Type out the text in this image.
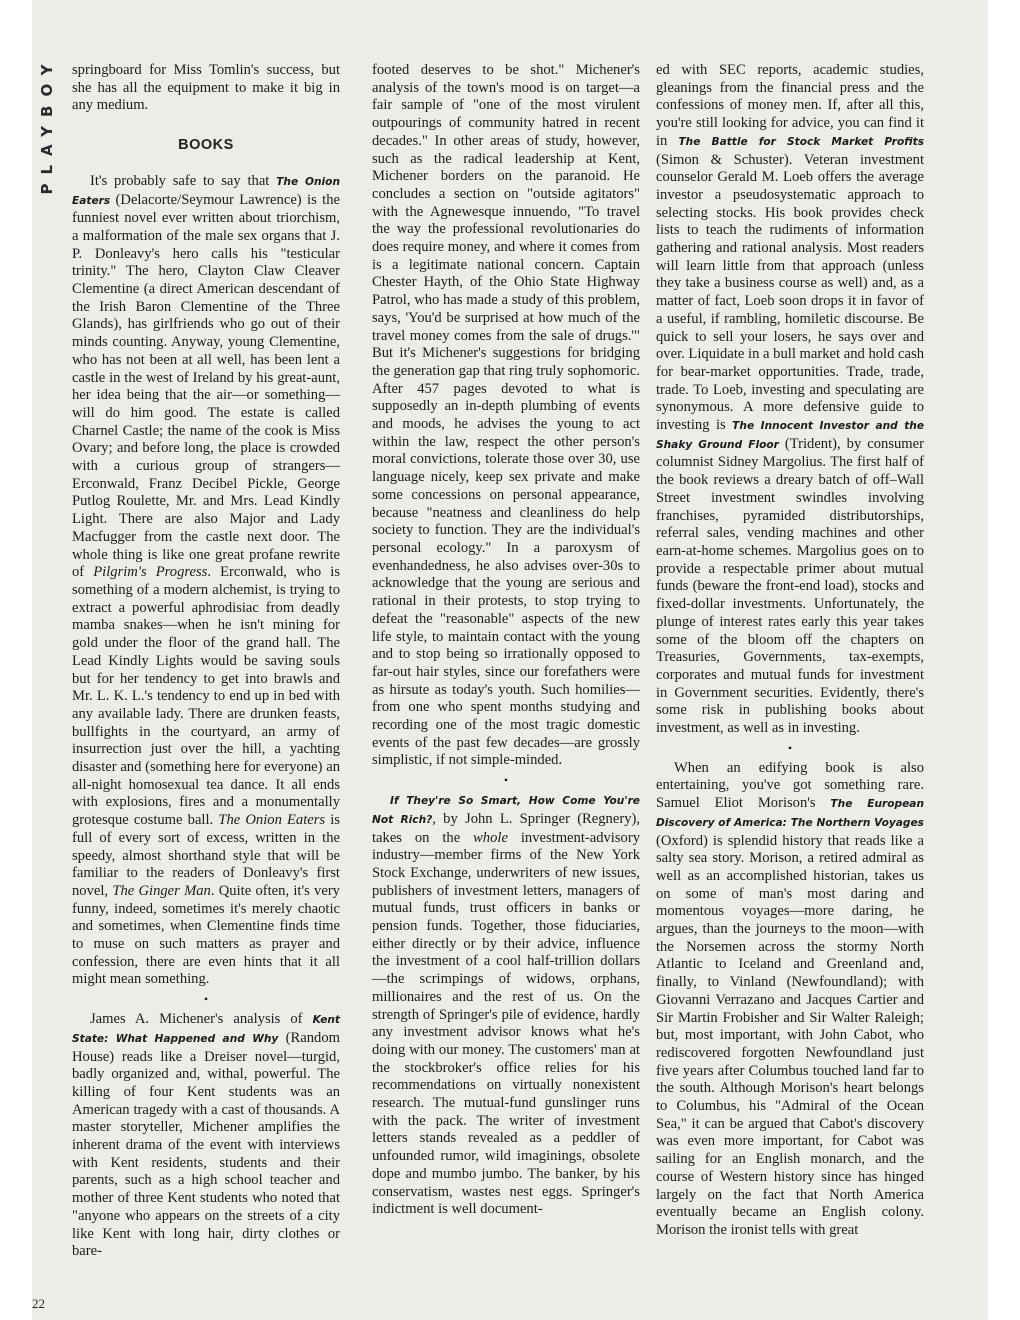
PLAYBOY
22

springboard for Miss Tomlin's success, but she has all the equipment to make it big in any medium.

BOOKS

It's probably safe to say that The Onion Eaters (Delacorte/Seymour Lawrence) is the funniest novel ever written about triorchism, a malformation of the male sex organs that J. P. Donleavy's hero calls his "testicular trinity." The hero, Clayton Claw Cleaver Clementine (a direct American descendant of the Irish Baron Clementine of the Three Glands), has girlfriends who go out of their minds counting. Anyway, young Clementine, who has not been at all well, has been lent a castle in the west of Ireland by his great-aunt, her idea being that the air—or something—will do him good. The estate is called Charnel Castle; the name of the cook is Miss Ovary; and before long, the place is crowded with a curious group of strangers—Erconwald, Franz Decibel Pickle, George Putlog Roulette, Mr. and Mrs. Lead Kindly Light. There are also Major and Lady Macfugger from the castle next door. The whole thing is like one great profane rewrite of Pilgrim's Progress. Erconwald, who is something of a modern alchemist, is trying to extract a powerful aphrodisiac from deadly mamba snakes—when he isn't mining for gold under the floor of the grand hall. The Lead Kindly Lights would be saving souls but for her tendency to get into brawls and Mr. L. K. L.'s tendency to end up in bed with any available lady. There are drunken feasts, bullfights in the courtyard, an army of insurrection just over the hill, a yachting disaster and (something here for everyone) an all-night homosexual tea dance. It all ends with explosions, fires and a monumentally grotesque costume ball. The Onion Eaters is full of every sort of excess, written in the speedy, almost shorthand style that will be familiar to the readers of Donleavy's first novel, The Ginger Man. Quite often, it's very funny, indeed, sometimes it's merely chaotic and sometimes, when Clementine finds time to muse on such matters as prayer and confession, there are even hints that it all might mean something.

•

James A. Michener's analysis of Kent State: What Happened and Why (Random House) reads like a Dreiser novel—turgid, badly organized and, withal, powerful. The killing of four Kent students was an American tragedy with a cast of thousands. A master storyteller, Michener amplifies the inherent drama of the event with interviews with Kent residents, students and their parents, such as a high school teacher and mother of three Kent students who noted that "anyone who appears on the streets of a city like Kent with long hair, dirty clothes or bare-

footed deserves to be shot." Michener's analysis of the town's mood is on target—a fair sample of "one of the most virulent outpourings of community hatred in recent decades." In other areas of study, however, such as the radical leadership at Kent, Michener borders on the paranoid. He concludes a section on "outside agitators" with the Agnewesque innuendo, "To travel the way the professional revolutionaries do does require money, and where it comes from is a legitimate national concern. Captain Chester Hayth, of the Ohio State Highway Patrol, who has made a study of this problem, says, 'You'd be surprised at how much of the travel money comes from the sale of drugs.'" But it's Michener's suggestions for bridging the generation gap that ring truly sophomoric. After 457 pages devoted to what is supposedly an in-depth plumbing of events and moods, he advises the young to act within the law, respect the other person's moral convictions, tolerate those over 30, use language nicely, keep sex private and make some concessions on personal appearance, because "neatness and cleanliness do help society to function. They are the individual's personal ecology." In a paroxysm of evenhandedness, he also advises over-30s to acknowledge that the young are serious and rational in their protests, to stop trying to defeat the "reasonable" aspects of the new life style, to maintain contact with the young and to stop being so irrationally opposed to far-out hair styles, since our forefathers were as hirsute as today's youth. Such homilies—from one who spent months studying and recording one of the most tragic domestic events of the past few decades—are grossly simplistic, if not simple-minded.

•

If They're So Smart, How Come You're Not Rich?, by John L. Springer (Regnery), takes on the whole investment-advisory industry—member firms of the New York Stock Exchange, underwriters of new issues, publishers of investment letters, managers of mutual funds, trust officers in banks or pension funds. Together, those fiduciaries, either directly or by their advice, influence the investment of a cool half-trillion dollars—the scrimpings of widows, orphans, millionaires and the rest of us. On the strength of Springer's pile of evidence, hardly any investment advisor knows what he's doing with our money. The customers' man at the stockbroker's office relies for his recommendations on virtually nonexistent research. The mutual-fund gunslinger runs with the pack. The writer of investment letters stands revealed as a peddler of unfounded rumor, wild imaginings, obsolete dope and mumbo jumbo. The banker, by his conservatism, wastes nest eggs. Springer's indictment is well document-

ed with SEC reports, academic studies, gleanings from the financial press and the confessions of money men. If, after all this, you're still looking for advice, you can find it in The Battle for Stock Market Profits (Simon & Schuster). Veteran investment counselor Gerald M. Loeb offers the average investor a pseudosystematic approach to selecting stocks. His book provides check lists to teach the rudiments of information gathering and rational analysis. Most readers will learn little from that approach (unless they take a business course as well) and, as a matter of fact, Loeb soon drops it in favor of a useful, if rambling, homiletic discourse. Be quick to sell your losers, he says over and over. Liquidate in a bull market and hold cash for bear-market opportunities. Trade, trade, trade. To Loeb, investing and speculating are synonymous. A more defensive guide to investing is The Innocent Investor and the Shaky Ground Floor (Trident), by consumer columnist Sidney Margolius. The first half of the book reviews a dreary batch of off–Wall Street investment swindles involving franchises, pyramided distributorships, referral sales, vending machines and other earn-at-home schemes. Margolius goes on to provide a respectable primer about mutual funds (beware the front-end load), stocks and fixed-dollar investments. Unfortunately, the plunge of interest rates early this year takes some of the bloom off the chapters on Treasuries, Governments, tax-exempts, corporates and mutual funds for investment in Government securities. Evidently, there's some risk in publishing books about investment, as well as in investing.

•

When an edifying book is also entertaining, you've got something rare. Samuel Eliot Morison's The European Discovery of America: The Northern Voyages (Oxford) is splendid history that reads like a salty sea story. Morison, a retired admiral as well as an accomplished historian, takes us on some of man's most daring and momentous voyages—more daring, he argues, than the journeys to the moon—with the Norsemen across the stormy North Atlantic to Iceland and Greenland and, finally, to Vinland (Newfoundland); with Giovanni Verrazano and Jacques Cartier and Sir Martin Frobisher and Sir Walter Raleigh; but, most important, with John Cabot, who rediscovered forgotten Newfoundland just five years after Columbus touched land far to the south. Although Morison's heart belongs to Columbus, his "Admiral of the Ocean Sea," it can be argued that Cabot's discovery was even more important, for Cabot was sailing for an English monarch, and the course of Western history since has hinged largely on the fact that North America eventually became an English colony. Morison the ironist tells with great
